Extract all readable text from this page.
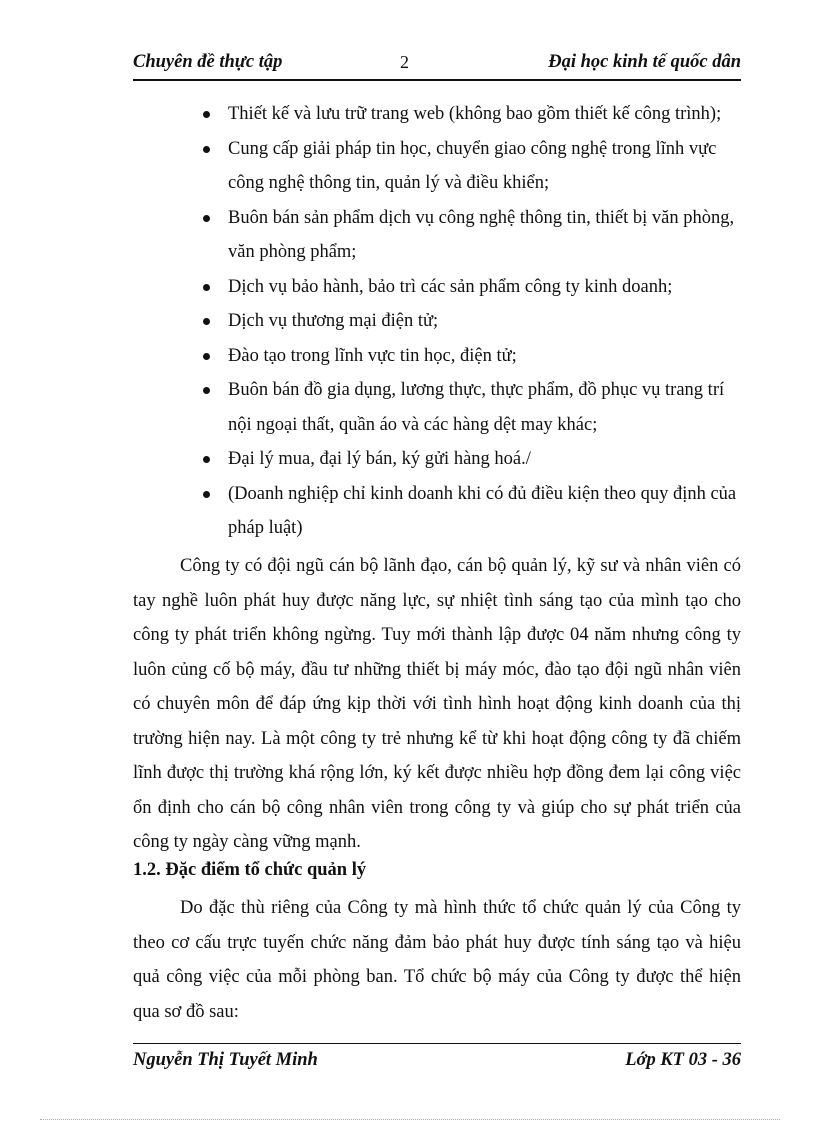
Chuyên đề thực tập	2	Đại học kinh tế quốc dân
Thiết kế và lưu trữ trang web (không bao gồm thiết kế công trình);
Cung cấp giải pháp tin học, chuyển giao công nghệ trong lĩnh vực công nghệ thông tin, quản lý và điều khiển;
Buôn bán sản phẩm dịch vụ công nghệ thông tin, thiết bị văn phòng, văn phòng phẩm;
Dịch vụ bảo hành, bảo trì các sản phẩm công ty kinh doanh;
Dịch vụ thương mại điện tử;
Đào tạo trong lĩnh vực tin học, điện tử;
Buôn bán đồ gia dụng, lương thực, thực phẩm, đồ phục vụ trang trí nội ngoại thất, quần áo và các hàng dệt may khác;
Đại lý mua, đại lý bán, ký gửi hàng hoá./
(Doanh nghiệp chỉ kinh doanh khi có đủ điều kiện theo quy định của pháp luật)

Công ty có đội ngũ cán bộ lãnh đạo, cán bộ quản lý, kỹ sư và nhân viên có tay nghề luôn phát huy được năng lực, sự nhiệt tình sáng tạo của mình tạo cho công ty phát triển không ngừng. Tuy mới thành lập được 04 năm nhưng công ty luôn củng cố bộ máy, đầu tư những thiết bị máy móc, đào tạo đội ngũ nhân viên có chuyên môn để đáp ứng kịp thời với tình hình hoạt động kinh doanh của thị trường hiện nay. Là một công ty trẻ nhưng kể từ khi hoạt động công ty đã chiếm lĩnh được thị trường khá rộng lớn, ký kết được nhiều hợp đồng đem lại công việc ổn định cho cán bộ công nhân viên trong công ty và giúp cho sự phát triển của công ty ngày càng vững mạnh.

1.2. Đặc điểm tổ chức quản lý

Do đặc thù riêng của Công ty mà hình thức tổ chức quản lý của Công ty theo cơ cấu trực tuyến chức năng đảm bảo phát huy được tính sáng tạo và hiệu quả công việc của mỗi phòng ban. Tổ chức bộ máy của Công ty được thể hiện qua sơ đồ sau:

Nguyễn Thị Tuyết Minh	Lớp KT 03 - 36
